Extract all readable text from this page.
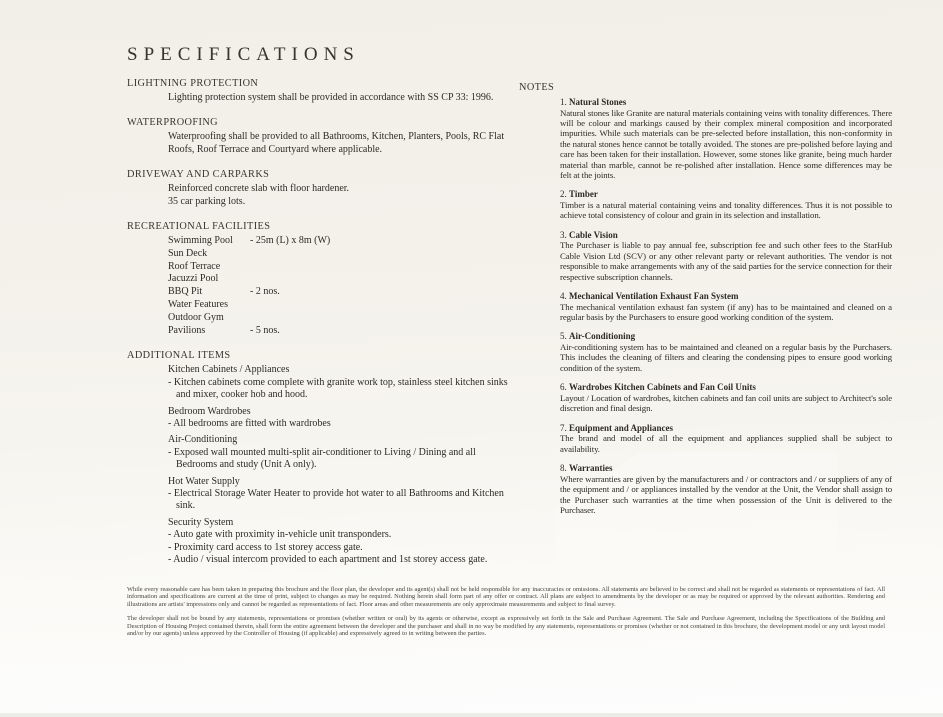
SPECIFICATIONS
LIGHTNING PROTECTION
Lighting protection system shall be provided in accordance with SS CP 33: 1996.
WATERPROOFING
Waterproofing shall be provided to all Bathrooms, Kitchen, Planters, Pools, RC Flat Roofs, Roof Terrace and Courtyard where applicable.
DRIVEWAY AND CARPARKS
Reinforced concrete slab with floor hardener.
35 car parking lots.
RECREATIONAL FACILITIES
Swimming Pool	- 25m (L) x 8m (W)
Sun Deck
Roof Terrace
Jacuzzi Pool
BBQ Pit	- 2 nos.
Water Features
Outdoor Gym
Pavilions	- 5 nos.
ADDITIONAL ITEMS
Kitchen Cabinets / Appliances
- Kitchen cabinets come complete with granite work top, stainless steel kitchen sinks and mixer, cooker hob and hood.
Bedroom Wardrobes
- All bedrooms are fitted with wardrobes
Air-Conditioning
- Exposed wall mounted multi-split air-conditioner to Living / Dining and all Bedrooms and study (Unit A only).
Hot Water Supply
- Electrical Storage Water Heater to provide hot water to all Bathrooms and Kitchen sink.
Security System
- Auto gate with proximity in-vehicle unit transponders.
- Proximity card access to 1st storey access gate.
- Audio / visual intercom provided to each apartment and 1st storey access gate.
NOTES
1. Natural Stones
Natural stones like Granite are natural materials containing veins with tonality differences. There will be colour and markings caused by their complex mineral composition and incorporated impurities. While such materials can be pre-selected before installation, this non-conformity in the natural stones hence cannot be totally avoided. The stones are pre-polished before laying and care has been taken for their installation. However, some stones like granite, being much harder material than marble, cannot be re-polished after installation. Hence some differences may be felt at the joints.
2. Timber
Timber is a natural material containing veins and tonality differences. Thus it is not possible to achieve total consistency of colour and grain in its selection and installation.
3. Cable Vision
The Purchaser is liable to pay annual fee, subscription fee and such other fees to the StarHub Cable Vision Ltd (SCV) or any other relevant party or relevant authorities. The vendor is not responsible to make arrangements with any of the said parties for the service connection for their respective subscription channels.
4. Mechanical Ventilation Exhaust Fan System
The mechanical ventilation exhaust fan system (if any) has to be maintained and cleaned on a regular basis by the Purchasers to ensure good working condition of the system.
5. Air-Conditioning
Air-conditioning system has to be maintained and cleaned on a regular basis by the Purchasers. This includes the cleaning of filters and clearing the condensing pipes to ensure good working condition of the system.
6. Wardrobes Kitchen Cabinets and Fan Coil Units
Layout / Location of wardrobes, kitchen cabinets and fan coil units are subject to Architect's sole discretion and final design.
7. Equipment and Appliances
The brand and model of all the equipment and appliances supplied shall be subject to availability.
8. Warranties
Where warranties are given by the manufacturers and / or contractors and / or suppliers of any of the equipment and / or appliances installed by the vendor at the Unit, the Vendor shall assign to the Purchaser such warranties at the time when possession of the Unit is delivered to the Purchaser.

While every reasonable care has been taken in preparing this brochure and the floor plan, the developer and its agent(s) shall not be held responsible for any inaccuracies or omissions. All statements are believed to be correct and shall not be regarded as statements or representations of fact. All information and specifications are current at the time of print, subject to changes as may be required. Nothing herein shall form part of any offer or contract. All plans are subject to amendments by the developer or as may be required or approved by the relevant authorities. Rendering and illustrations are artists' impressions only and cannot be regarded as representations of fact. Floor areas and other measurements are only approximate measurements and subject to final survey.

The developer shall not be bound by any statements, representations or promises (whether written or oral) by its agents or otherwise, except as expressively set forth in the Sale and Purchase Agreement. The Sale and Purchase Agreement, including the Specifications of the Building and Description of Housing Project contained therein, shall form the entire agreement between the developer and the purchaser and shall in no way be modified by any statements, representations or promises (whether or not contained in this brochure, the development model or any unit layout model and/or by our agents) unless approved by the Controller of Housing (if applicable) and expressively agreed to in writing between the parties.
